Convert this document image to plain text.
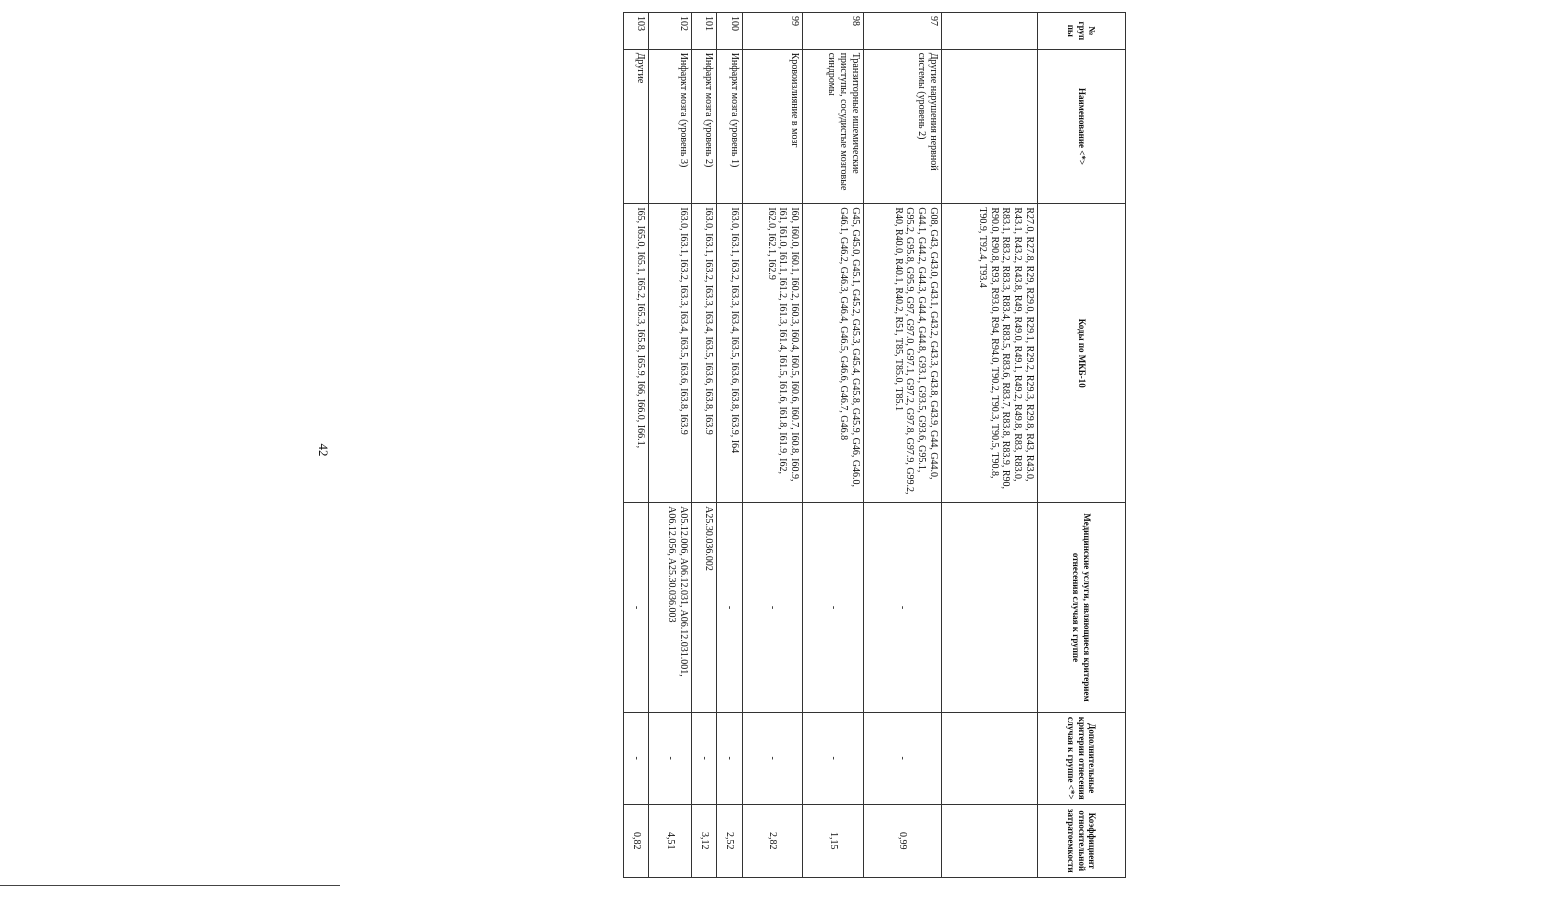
42
№ груп пы	Наименование <*>	Коды по МКБ-10	Медицинские услуги, являющиеся критерием отнесения случая к группе	Дополнительные критерии отнесения случая к группе <*>	Коэффициент относительной затратоемкости
		R27.0, R27.8, R29, R29.0, R29.1, R29.2, R29.3, R29.8, R43, R43.0, R43.1, R43.2, R43.8, R49, R49.0, R49.1, R49.2, R49.8, R83, R83.0, R83.1, R83.2, R83.3, R83.4, R83.5, R83.6, R83.7, R83.8, R83.9, R90, R90.0, R90.8, R93, R93.0, R94, R94.0, T90.2, T90.3, T90.5, T90.8, T90.9, T92.4, T93.4			
97	Другие нарушения нервной системы (уровень 2)	G08, G43, G43.0, G43.1, G43.2, G43.3, G43.8, G43.9, G44, G44.0, G44.1, G44.2, G44.3, G44.4, G44.8, G93.1, G93.5, G93.6, G95.1, G95.2, G95.8, G95.9, G97, G97.0, G97.1, G97.2, G97.8, G97.9, G99.2, R40, R40.0, R40.1, R40.2, R51, T85, T85.0, T85.1	-	-	0,99
98	Транзиторные ишемические приступы, сосудистые мозговые синдромы	G45, G45.0, G45.1, G45.2, G45.3, G45.4, G45.8, G45.9, G46, G46.0, G46.1, G46.2, G46.3, G46.4, G46.5, G46.6, G46.7, G46.8	-	-	1,15
99	Кровоизлияние в мозг	I60, I60.0, I60.1, I60.2, I60.3, I60.4, I60.5, I60.6, I60.7, I60.8, I60.9, I61, I61.0, I61.1, I61.2, I61.3, I61.4, I61.5, I61.6, I61.8, I61.9, I62, I62.0, I62.1, I62.9	-	-	2,82
100	Инфаркт мозга (уровень 1)	I63.0, I63.1, I63.2, I63.3, I63.4, I63.5, I63.6, I63.8, I63.9, I64	-	-	2,52
101	Инфаркт мозга (уровень 2)	I63.0, I63.1, I63.2, I63.3, I63.4, I63.5, I63.6, I63.8, I63.9	A25.30.036.002	-	3,12
102	Инфаркт мозга (уровень 3)	I63.0, I63.1, I63.2, I63.3, I63.4, I63.5, I63.6, I63.8, I63.9	A05.12.006, A06.12.031, A06.12.031.001, A06.12.056, A25.30.036.003	-	4,51
103	Другие	I65, I65.0, I65.1, I65.2, I65.3, I65.8, I65.9, I66, I66.0, I66.1,	-	-	0,82
